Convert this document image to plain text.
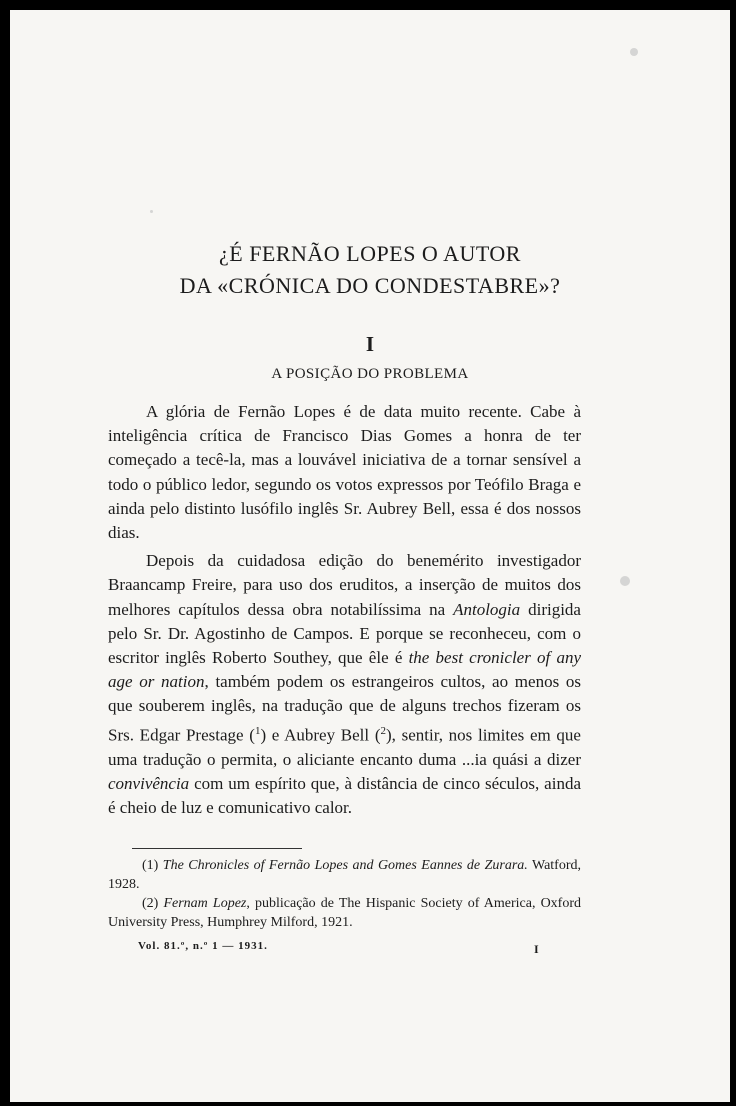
¿É FERNÃO LOPES O AUTOR
DA «CRÓNICA DO CONDESTABRE»?
I
A POSIÇÃO DO PROBLEMA

A glória de Fernão Lopes é de data muito recente. Cabe à inteligência crítica de Francisco Dias Gomes a honra de ter começado a tecê-la, mas a louvável iniciativa de a tornar sensível a todo o público ledor, segundo os votos expressos por Teófilo Braga e ainda pelo distinto lusófilo inglês Sr. Aubrey Bell, essa é dos nossos dias.

Depois da cuidadosa edição do benemérito investigador Braancamp Freire, para uso dos eruditos, a inserção de muitos dos melhores capítulos dessa obra notabilíssima na Antologia dirigida pelo Sr. Dr. Agostinho de Campos. E porque se reconheceu, com o escritor inglês Roberto Southey, que êle é the best cronicler of any age or nation, também podem os estrangeiros cultos, ao menos os que souberem inglês, na tradução que de alguns trechos fizeram os Srs. Edgar Prestage ($^1$) e Aubrey Bell ($^2$), sentir, nos limites em que uma tradução o permita, o aliciante encanto duma ...ia quási a dizer convivência com um espírito que, à distância de cinco séculos, ainda é cheio de luz e comunicativo calor.

(1) The Chronicles of Fernão Lopes and Gomes Eannes de Zurara. Watford, 1928.

(2) Fernam Lopez, publicação de The Hispanic Society of America, Oxford University Press, Humphrey Milford, 1921.

Vol. 81.º, n.º 1 — 1931.	I
